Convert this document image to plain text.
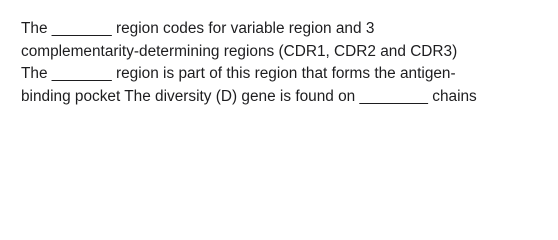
The _______ region codes for variable region and 3
complementarity-determining regions (CDR1, CDR2 and CDR3)
The _______ region is part of this region that forms the antigen-
binding pocket The diversity (D) gene is found on ________ chains
